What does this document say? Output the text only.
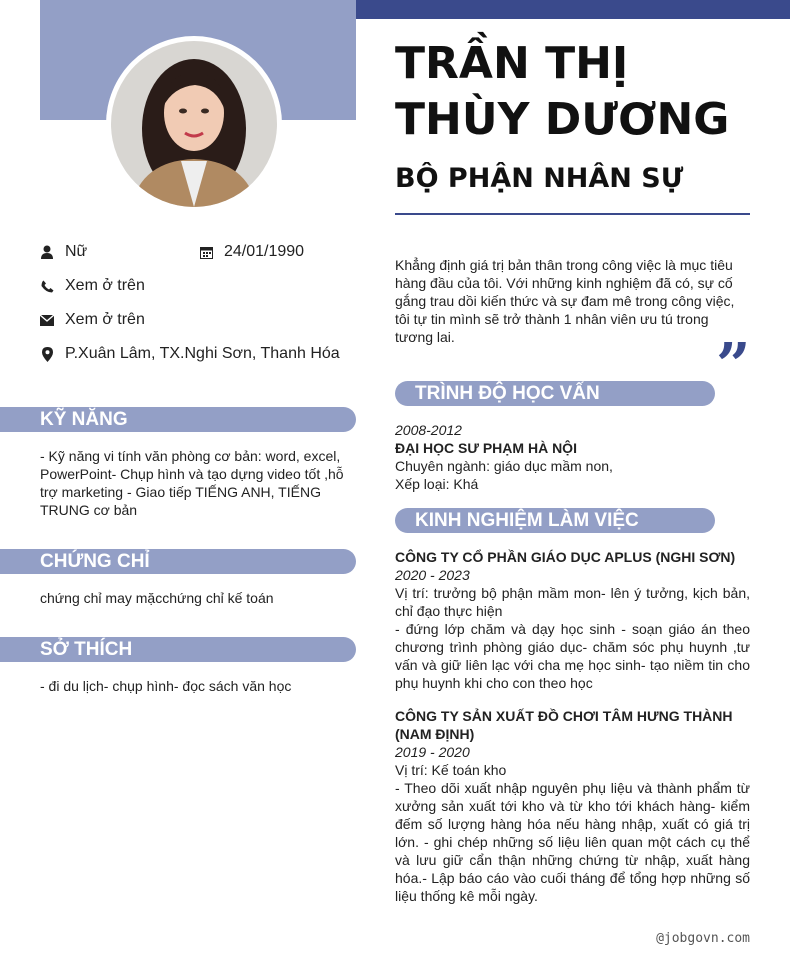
TRẦN THỊ THÙY DƯƠNG
BỘ PHẬN NHÂN SỰ
Nữ	24/01/1990
Xem ở trên
Xem ở trên
P.Xuân Lâm, TX.Nghi Sơn, Thanh Hóa
KỸ NĂNG
- Kỹ năng vi tính văn phòng cơ bản: word, excel, PowerPoint- Chụp hình và tạo dựng video tốt ,hỗ trợ marketing - Giao tiếp TIẾNG ANH, TIẾNG TRUNG cơ bản
CHỨNG CHỈ
chứng chỉ may mặcchứng chỉ kế toán
SỞ THÍCH
- đi du lịch- chụp hình- đọc sách văn học
Khẳng định giá trị bản thân trong công việc là mục tiêu hàng đầu của tôi. Với những kinh nghiệm đã có, sự cố gắng trau dồi kiến thức và sự đam mê trong công việc, tôi tự tin mình sẽ trở thành 1 nhân viên ưu tú trong tương lai.	”
TRÌNH ĐỘ HỌC VẤN
2008-2012
ĐẠI HỌC SƯ PHẠM HÀ NỘI
Chuyên ngành: giáo dục mầm non,
Xếp loại: Khá
KINH NGHIỆM LÀM VIỆC
CÔNG TY CỔ PHẦN GIÁO DỤC APLUS (NGHI SƠN)
2020 - 2023
Vị trí: trưởng bộ phận mầm mon- lên ý tưởng, kịch bản, chỉ đạo thực hiện
- đứng lớp chăm và dạy học sinh - soạn giáo án theo chương trình phòng giáo dục- chăm sóc phụ huynh ,tư vấn và giữ liên lạc với cha mẹ học sinh- tạo niềm tin cho phụ huynh khi cho con theo học
CÔNG TY SẢN XUẤT ĐỒ CHƠI TÂM HƯNG THÀNH (NAM ĐỊNH)
2019 - 2020
Vị trí: Kế toán kho
- Theo dõi xuất nhập nguyên phụ liệu và thành phẩm từ xưởng sản xuất tới kho và từ kho tới khách hàng- kiểm đếm số lượng hàng hóa nếu hàng nhập, xuất có giá trị lớn. - ghi chép những số liệu liên quan một cách cụ thể và lưu giữ cẩn thận những chứng từ nhập, xuất hàng hóa.- Lập báo cáo vào cuối tháng để tổng hợp những số liệu thống kê mỗi ngày.
@jobgovn.com
